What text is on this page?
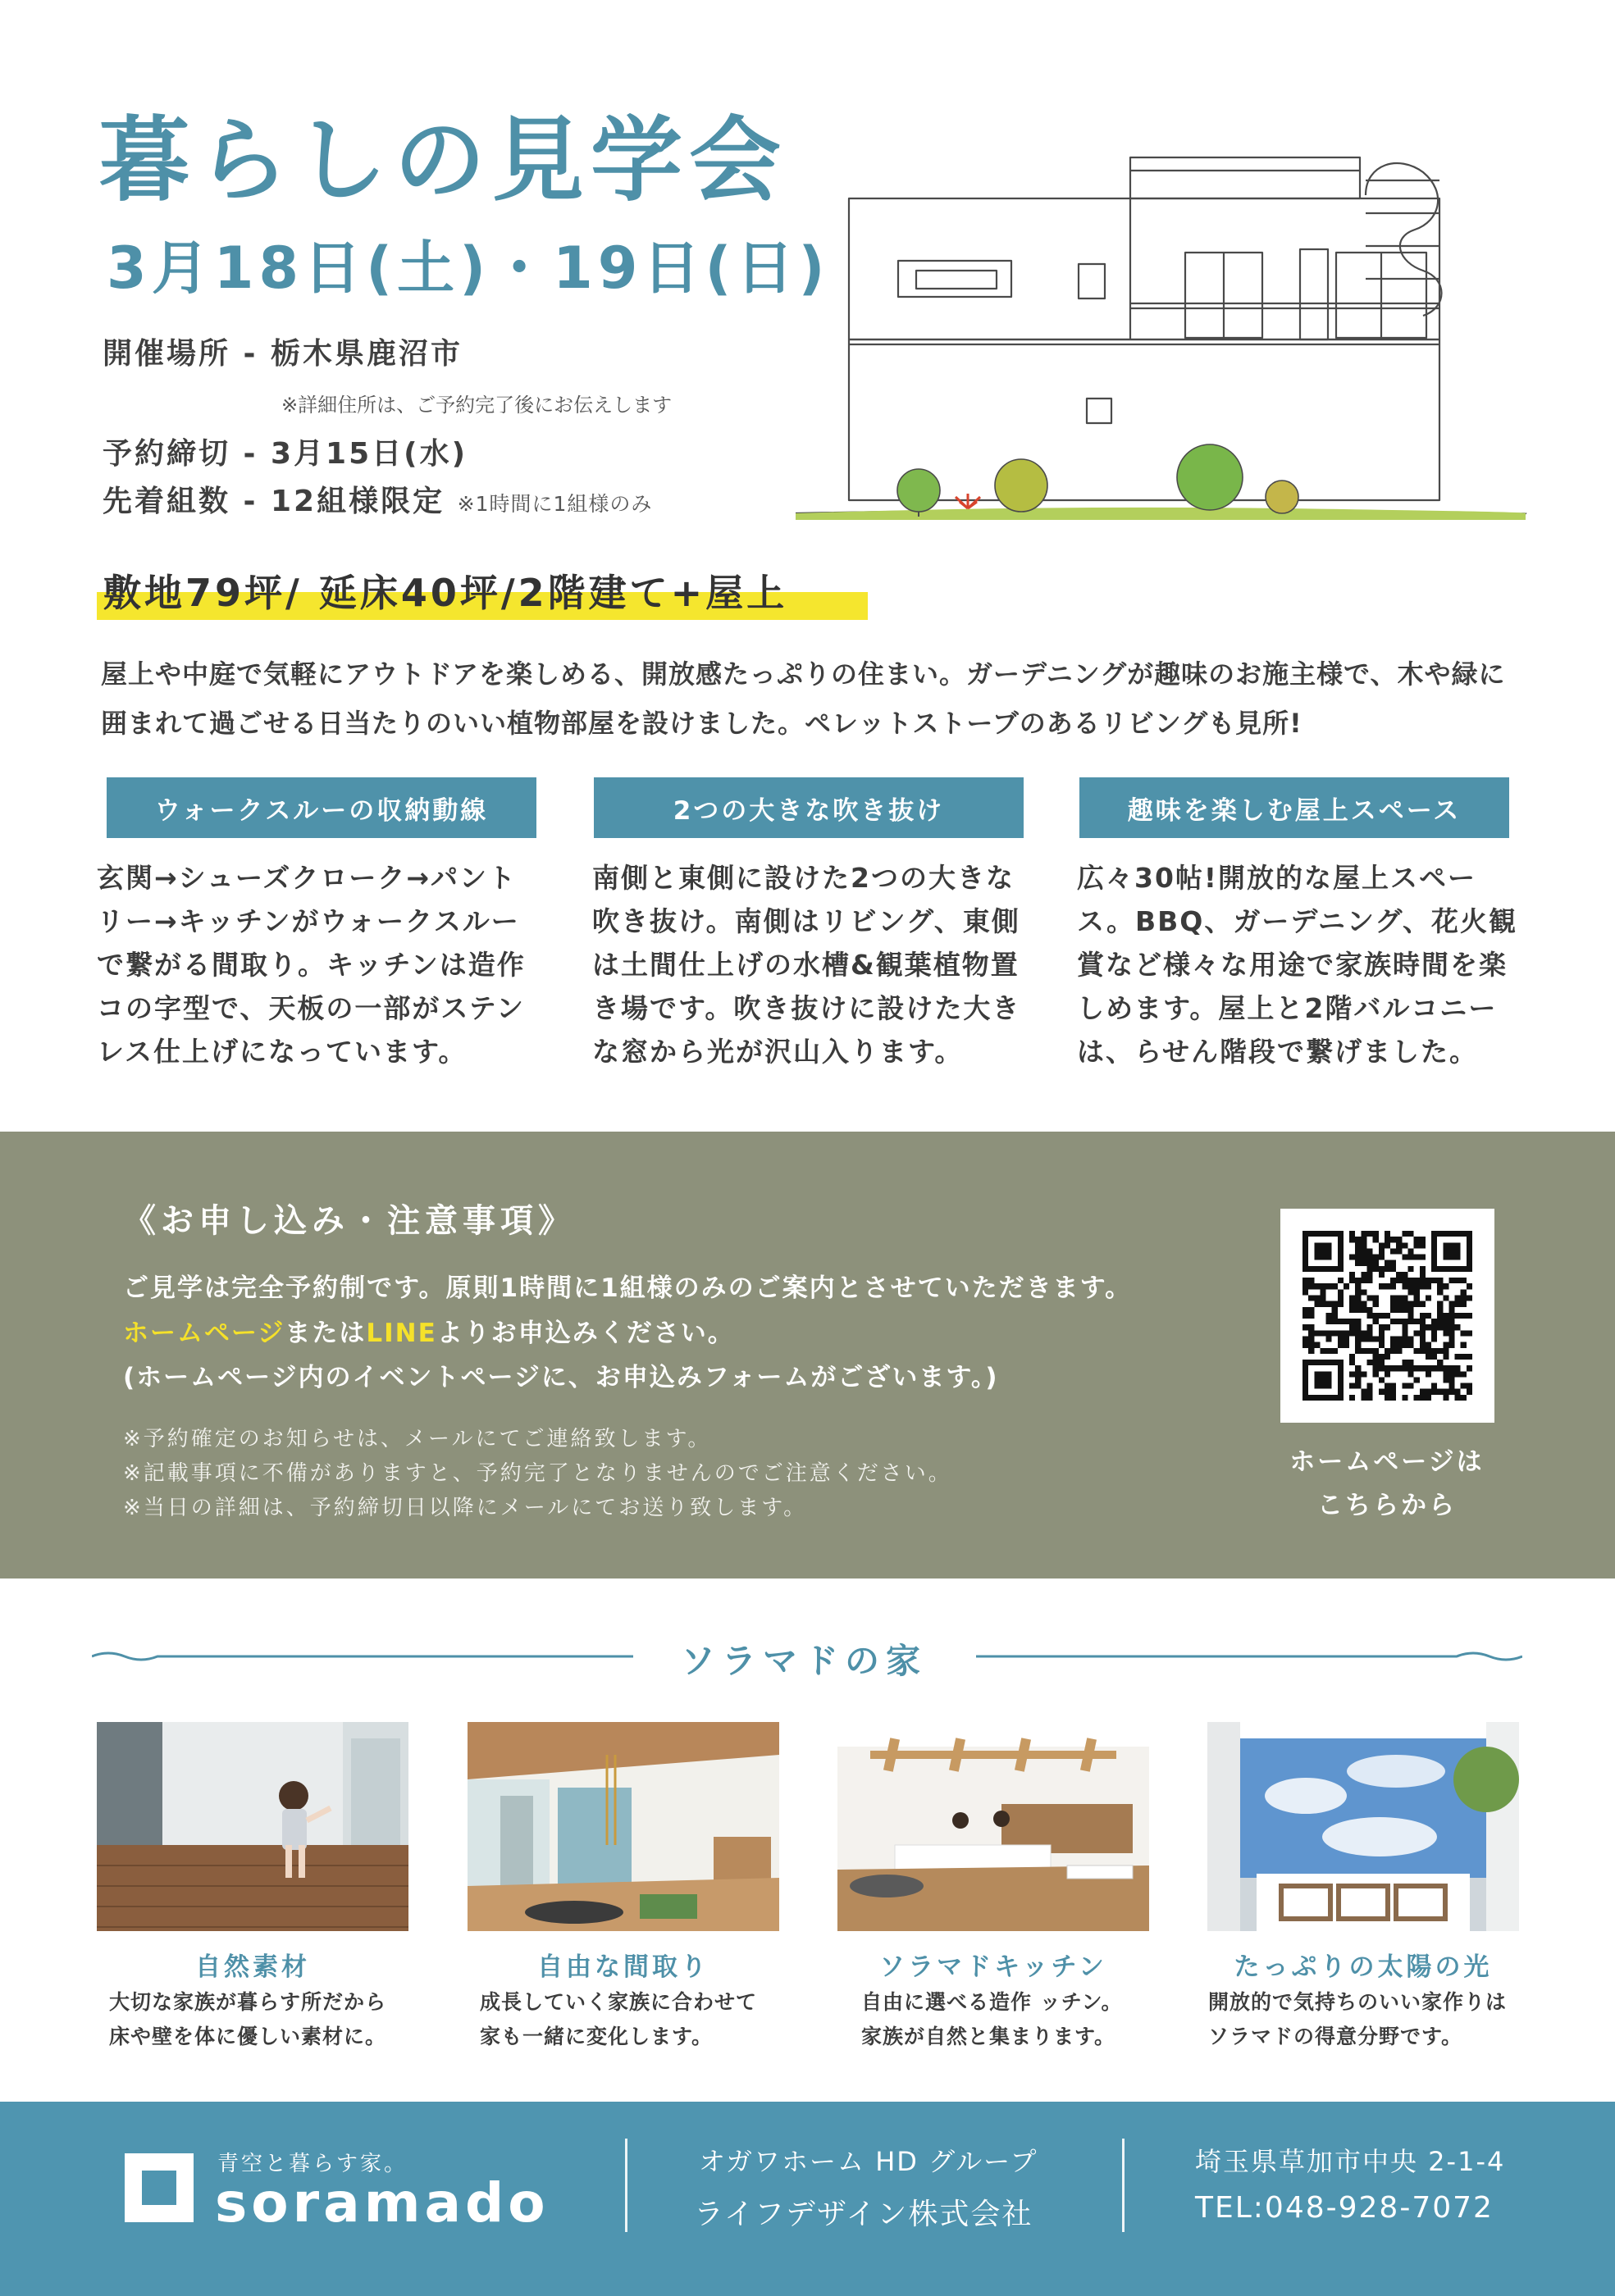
暮らしの見学会
3月18日(土)・19日(日)
開催場所 - 栃木県鹿沼市
※詳細住所は、ご予約完了後にお伝えします
予約締切 - 3月15日(水)
先着組数 - 12組様限定 ※1時間に1組様のみ
敷地79坪/ 延床40坪/2階建て+屋上
屋上や中庭で気軽にアウトドアを楽しめる、開放感たっぷりの住まい。ガーデニングが趣味のお施主様で、木や緑に囲まれて過ごせる日当たりのいい植物部屋を設けました。ペレットストーブのあるリビングも見所!
ウォークスルーの収納動線	2つの大きな吹き抜け	趣味を楽しむ屋上スペース
玄関→シューズクローク→パントリー→キッチンがウォークスルーで繋がる間取り。キッチンは造作コの字型で、天板の一部がステンレス仕上げになっています。
南側と東側に設けた2つの大きな吹き抜け。南側はリビング、東側は土間仕上げの水槽&観葉植物置き場です。吹き抜けに設けた大きな窓から光が沢山入ります。
広々30帖!開放的な屋上スペース。BBQ、ガーデニング、花火観賞など様々な用途で家族時間を楽しめます。屋上と2階バルコニーは、らせん階段で繋げました。
《お申し込み・注意事項》
ご見学は完全予約制です。原則1時間に1組様のみのご案内とさせていただきます。
ホームページまたはLINEよりお申込みください。
(ホームページ内のイベントページに、お申込みフォームがございます。)
※予約確定のお知らせは、メールにてご連絡致します。
※記載事項に不備がありますと、予約完了となりませんのでご注意ください。
※当日の詳細は、予約締切日以降にメールにてお送り致します。
ホームページは
こちらから
ソラマドの家
自然素材	自由な間取り	ソラマドキッチン	たっぷりの太陽の光
大切な家族が暮らす所だから
床や壁を体に優しい素材に。
成長していく家族に合わせて
家も一緒に変化します。
自由に選べる造作 ッチン。
家族が自然と集まります。
開放的で気持ちのいい家作りは
ソラマドの得意分野です。
青空と暮らす家。
soramado
オガワホーム HD グループ
ライフデザイン株式会社
埼玉県草加市中央 2-1-4
TEL:048-928-7072
